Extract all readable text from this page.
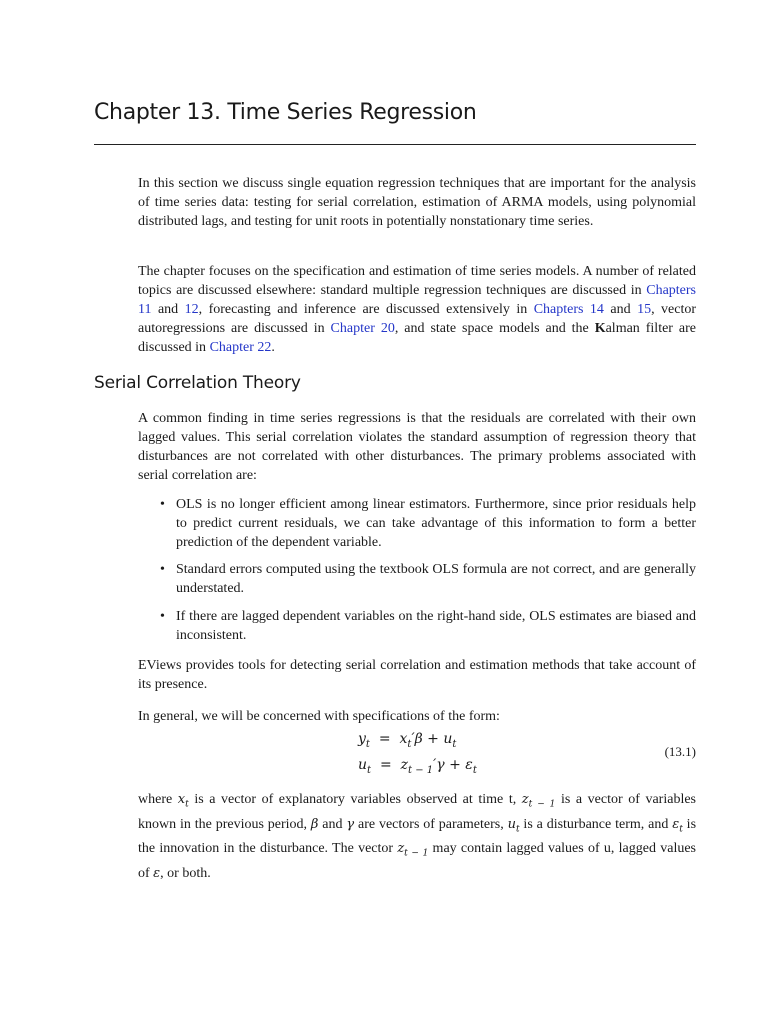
Chapter 13. Time Series Regression

In this section we discuss single equation regression techniques that are important for the analysis of time series data: testing for serial correlation, estimation of ARMA models, using polynomial distributed lags, and testing for unit roots in potentially nonstationary time series.

The chapter focuses on the specification and estimation of time series models. A number of related topics are discussed elsewhere: standard multiple regression techniques are discussed in Chapters 11 and 12, forecasting and inference are discussed extensively in Chapters 14 and 15, vector autoregressions are discussed in Chapter 20, and state space models and the Kalman filter are discussed in Chapter 22.

Serial Correlation Theory

A common finding in time series regressions is that the residuals are correlated with their own lagged values. This serial correlation violates the standard assumption of regression theory that disturbances are not correlated with other disturbances. The primary problems associated with serial correlation are:

• OLS is no longer efficient among linear estimators. Furthermore, since prior residuals help to predict current residuals, we can take advantage of this information to form a better prediction of the dependent variable.
• Standard errors computed using the textbook OLS formula are not correct, and are generally understated.
• If there are lagged dependent variables on the right-hand side, OLS estimates are biased and inconsistent.

EViews provides tools for detecting serial correlation and estimation methods that take account of its presence.

In general, we will be concerned with specifications of the form:

$y_t = x_t'\beta + u_t$
$u_t = z_{t - 1}'\gamma + \varepsilon_t$
(13.1)

where $x_t$ is a vector of explanatory variables observed at time t, $z_{t - 1}$ is a vector of variables known in the previous period, β and γ are vectors of parameters, $u_t$ is a disturbance term, and $\varepsilon_t$ is the innovation in the disturbance. The vector $z_{t - 1}$ may contain lagged values of u, lagged values of ε, or both.
